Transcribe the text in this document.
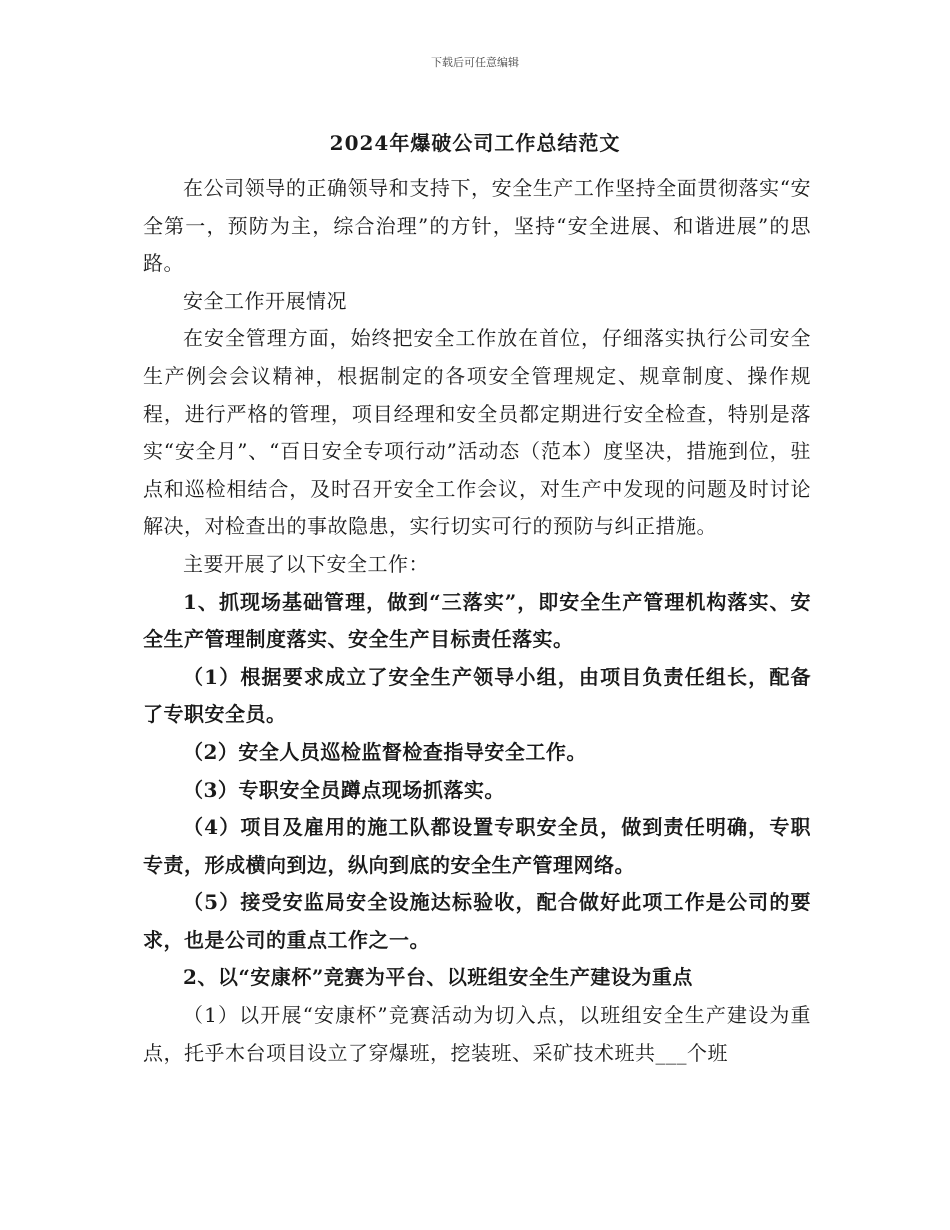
下载后可任意编辑
2024年爆破公司工作总结范文

在公司领导的正确领导和支持下，安全生产工作坚持全面贯彻落实“安全第一，预防为主，综合治理”的方针，坚持“安全进展、和谐进展”的思路。

安全工作开展情况

在安全管理方面，始终把安全工作放在首位，仔细落实执行公司安全生产例会会议精神，根据制定的各项安全管理规定、规章制度、操作规程，进行严格的管理，项目经理和安全员都定期进行安全检查，特别是落实“安全月”、“百日安全专项行动”活动态（范本）度坚决，措施到位，驻点和巡检相结合，及时召开安全工作会议，对生产中发现的问题及时讨论解决，对检查出的事故隐患，实行切实可行的预防与纠正措施。

主要开展了以下安全工作：

1、抓现场基础管理，做到“三落实”，即安全生产管理机构落实、安全生产管理制度落实、安全生产目标责任落实。

（1）根据要求成立了安全生产领导小组，由项目负责任组长，配备了专职安全员。

（2）安全人员巡检监督检查指导安全工作。

（3）专职安全员蹲点现场抓落实。

（4）项目及雇用的施工队都设置专职安全员，做到责任明确，专职专责，形成横向到边，纵向到底的安全生产管理网络。

（5）接受安监局安全设施达标验收，配合做好此项工作是公司的要求，也是公司的重点工作之一。

2、以“安康杯”竞赛为平台、以班组安全生产建设为重点

（1）以开展“安康杯”竞赛活动为切入点，以班组安全生产建设为重点，托乎木台项目设立了穿爆班，挖装班、采矿技术班共___个班
